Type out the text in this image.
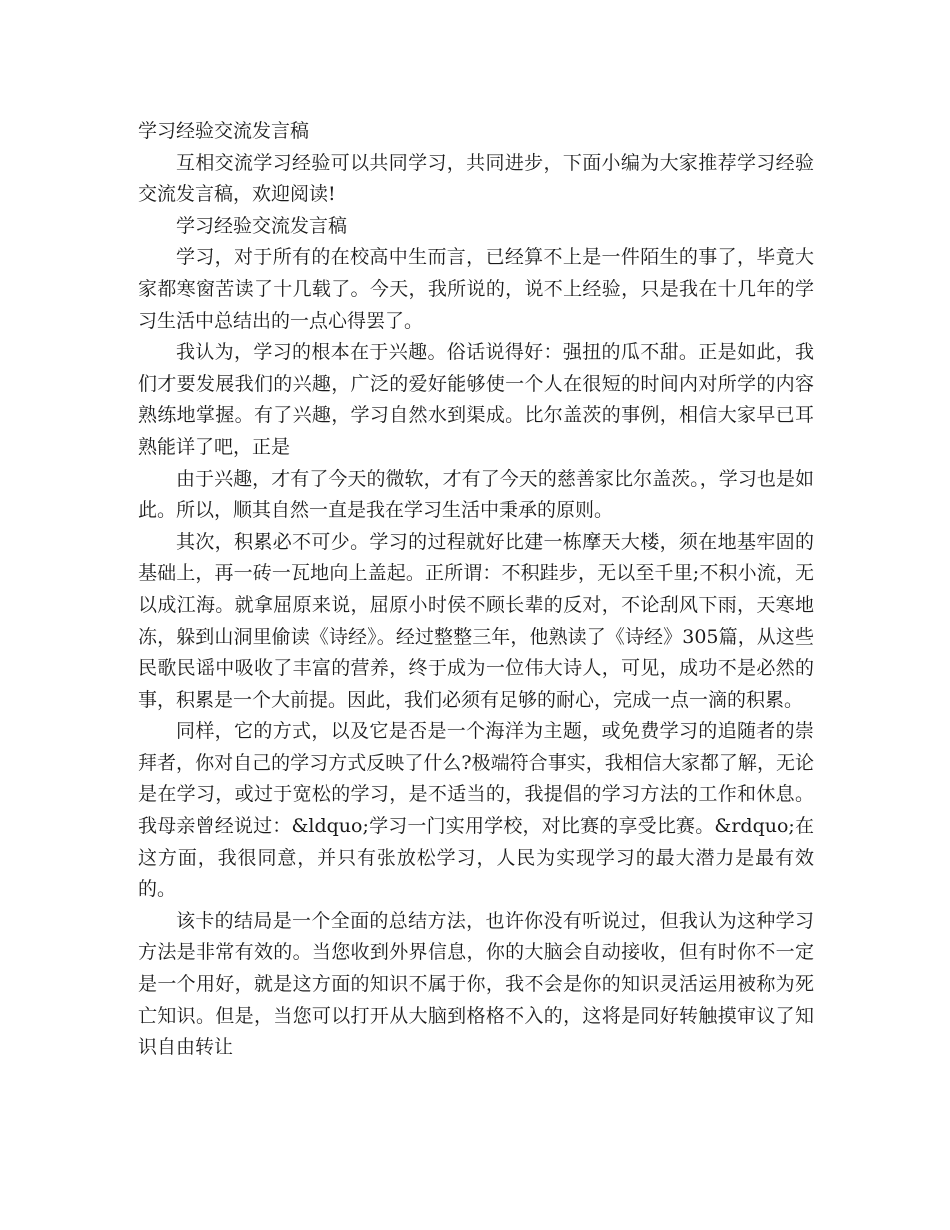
学习经验交流发言稿

互相交流学习经验可以共同学习，共同进步，下面小编为大家推荐学习经验交流发言稿，欢迎阅读!

学习经验交流发言稿

学习，对于所有的在校高中生而言，已经算不上是一件陌生的事了，毕竟大家都寒窗苦读了十几载了。今天，我所说的，说不上经验，只是我在十几年的学习生活中总结出的一点心得罢了。

我认为，学习的根本在于兴趣。俗话说得好：强扭的瓜不甜。正是如此，我们才要发展我们的兴趣，广泛的爱好能够使一个人在很短的时间内对所学的内容熟练地掌握。有了兴趣，学习自然水到渠成。比尔盖茨的事例，相信大家早已耳熟能详了吧，正是

由于兴趣，才有了今天的微软，才有了今天的慈善家比尔盖茨。，学习也是如此。所以，顺其自然一直是我在学习生活中秉承的原则。

其次，积累必不可少。学习的过程就好比建一栋摩天大楼，须在地基牢固的基础上，再一砖一瓦地向上盖起。正所谓：不积跬步，无以至千里;不积小流，无以成江海。就拿屈原来说，屈原小时侯不顾长辈的反对，不论刮风下雨，天寒地冻，躲到山洞里偷读《诗经》。经过整整三年，他熟读了《诗经》305篇，从这些民歌民谣中吸收了丰富的营养，终于成为一位伟大诗人，可见，成功不是必然的事，积累是一个大前提。因此，我们必须有足够的耐心，完成一点一滴的积累。

同样，它的方式，以及它是否是一个海洋为主题，或免费学习的追随者的崇拜者，你对自己的学习方式反映了什么?极端符合事实，我相信大家都了解，无论是在学习，或过于宽松的学习，是不适当的，我提倡的学习方法的工作和休息。我母亲曾经说过：&ldquo;学习一门实用学校，对比赛的享受比赛。&rdquo;在这方面，我很同意，并只有张放松学习，人民为实现学习的最大潜力是最有效的。

该卡的结局是一个全面的总结方法，也许你没有听说过，但我认为这种学习方法是非常有效的。当您收到外界信息，你的大脑会自动接收，但有时你不一定是一个用好，就是这方面的知识不属于你，我不会是你的知识灵活运用被称为死亡知识。但是，当您可以打开从大脑到格格不入的，这将是同好转触摸审议了知识自由转让
